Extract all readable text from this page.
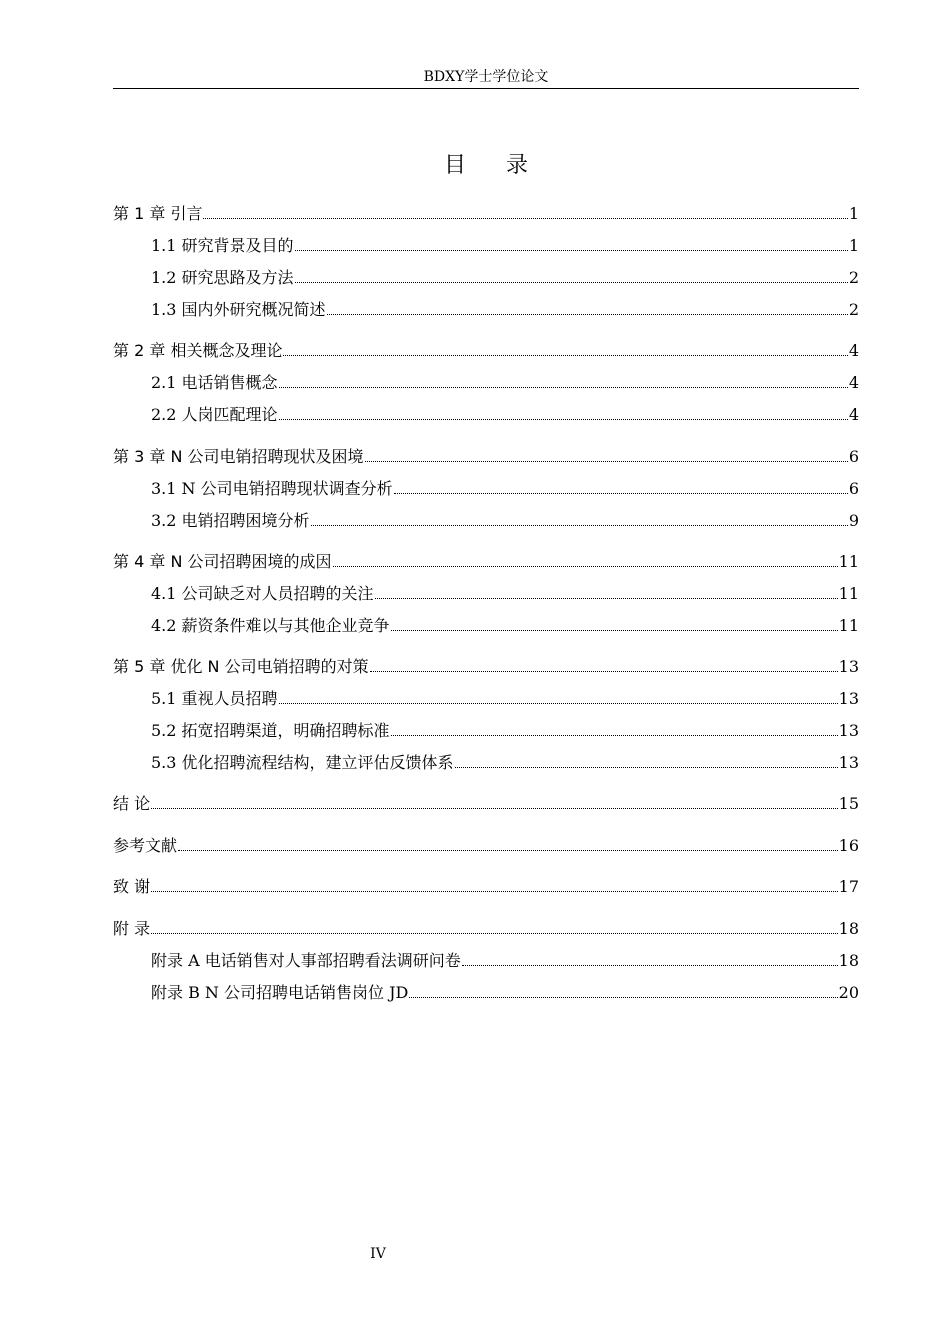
BDXY学士学位论文
目录
第 1 章 引言	1
1.1 研究背景及目的	1
1.2 研究思路及方法	2
1.3 国内外研究概况简述	2
第 2 章 相关概念及理论	4
2.1 电话销售概念	4
2.2 人岗匹配理论	4
第 3 章 N 公司电销招聘现状及困境	6
3.1 N 公司电销招聘现状调查分析	6
3.2 电销招聘困境分析	9
第 4 章 N 公司招聘困境的成因	11
4.1 公司缺乏对人员招聘的关注	11
4.2 薪资条件难以与其他企业竞争	11
第 5 章 优化 N 公司电销招聘的对策	13
5.1 重视人员招聘	13
5.2 拓宽招聘渠道，明确招聘标准	13
5.3 优化招聘流程结构，建立评估反馈体系	13
结 论	15
参考文献	16
致 谢	17
附 录	18
附录 A 电话销售对人事部招聘看法调研问卷	18
附录 B N 公司招聘电话销售岗位 JD	20
IV
